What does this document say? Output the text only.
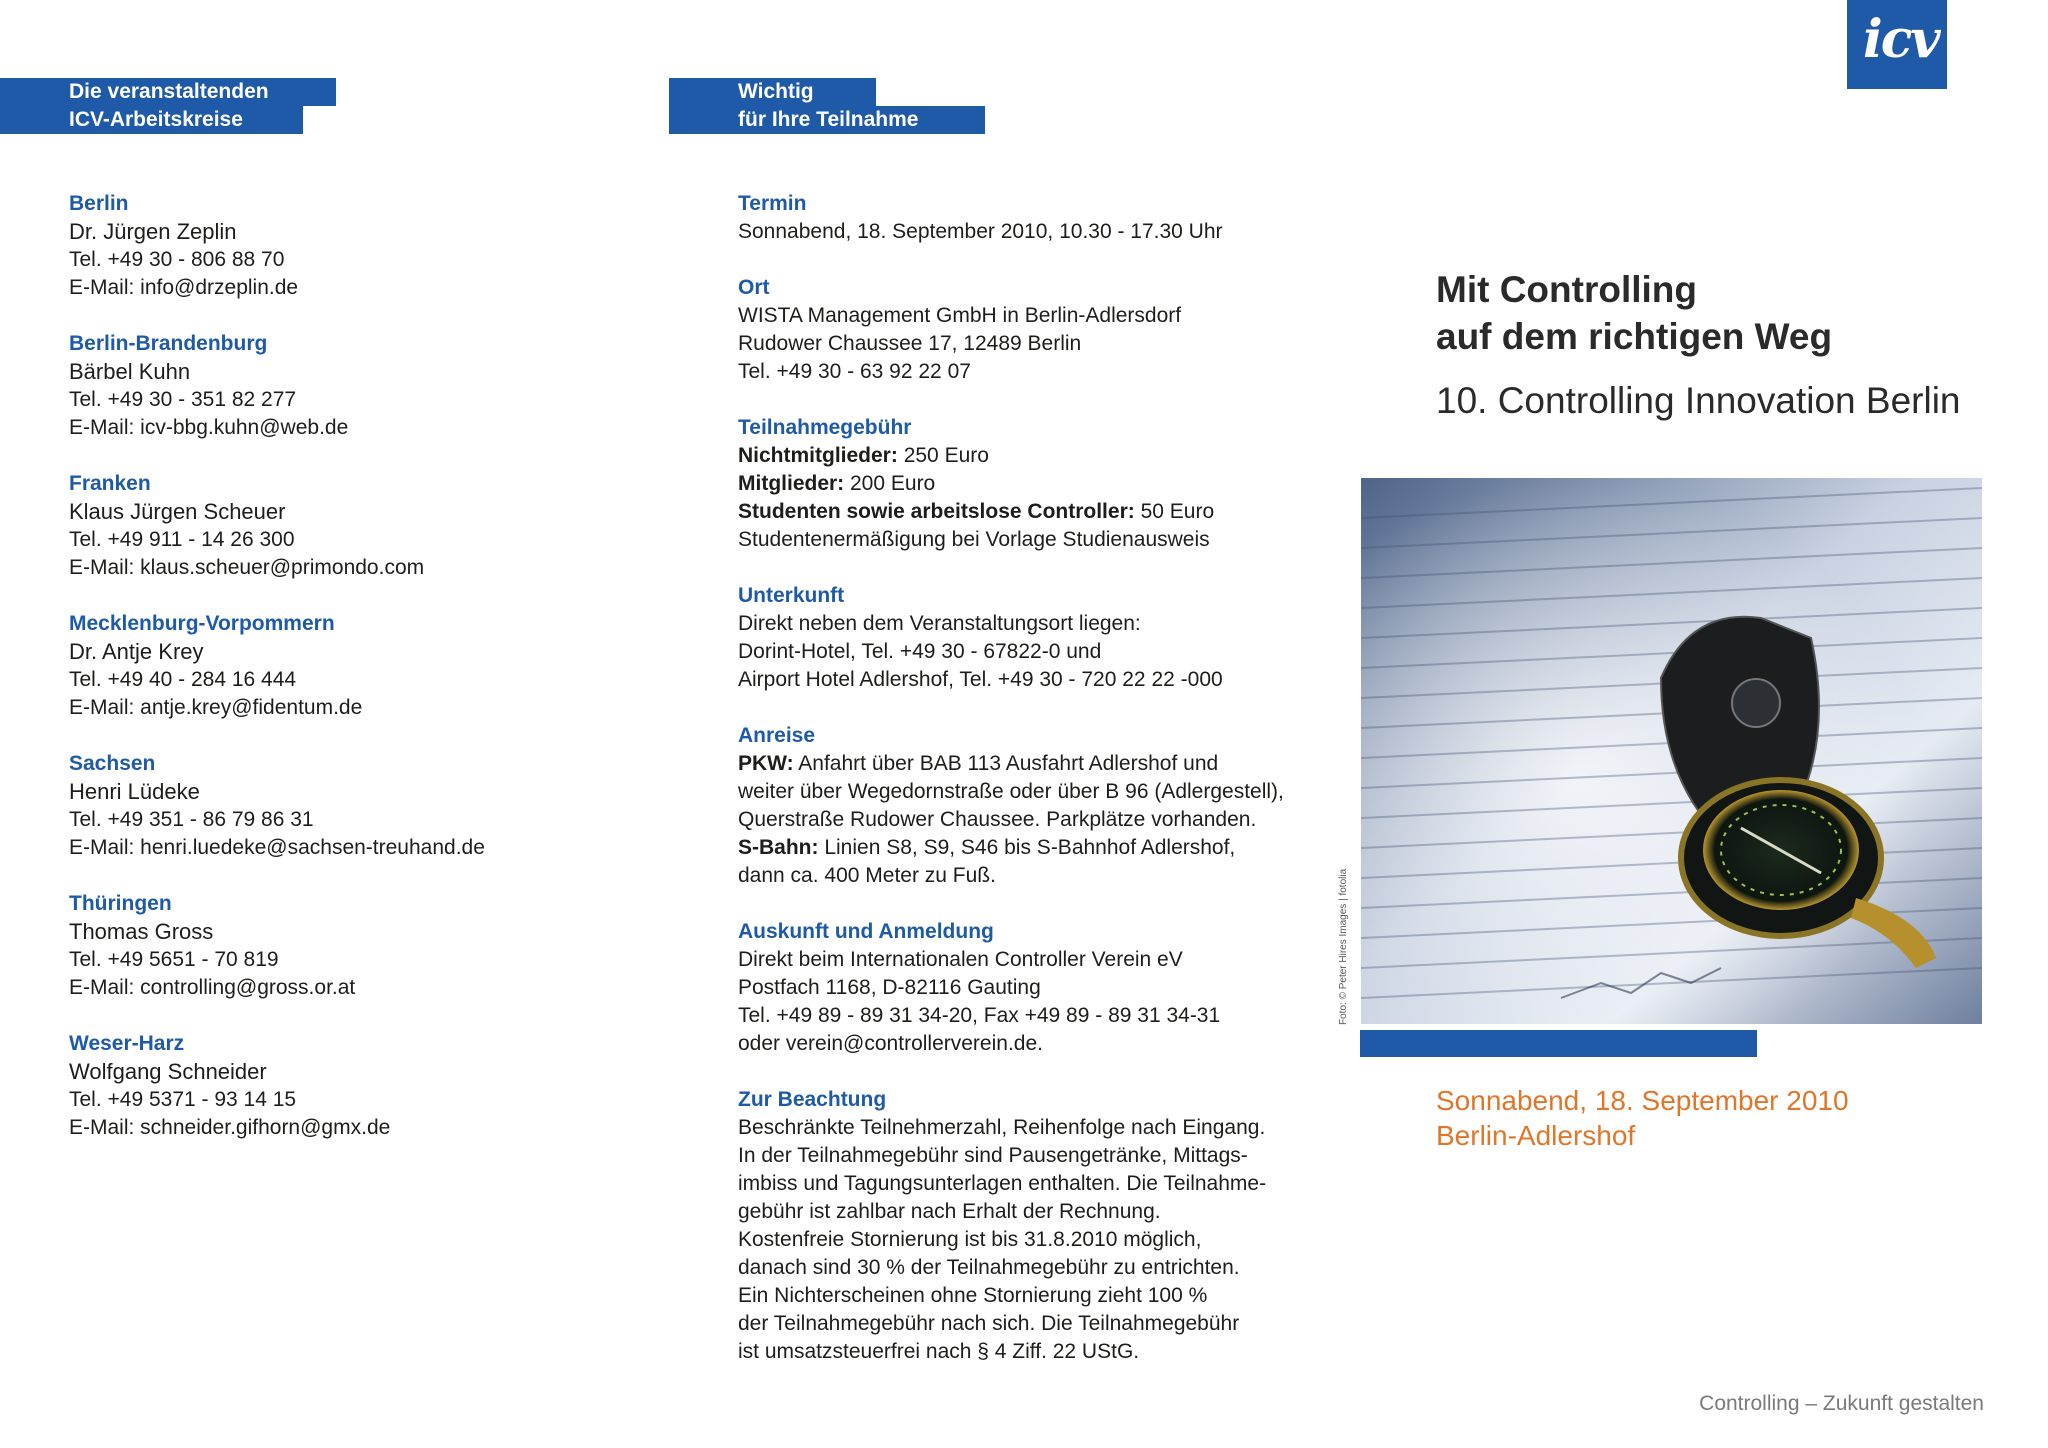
Die veranstaltenden
ICV-Arbeitskreise
Wichtig
für Ihre Teilnahme
Berlin
Dr. Jürgen Zeplin
Tel. +49 30 - 806 88 70
E-Mail: info@drzeplin.de
Berlin-Brandenburg
Bärbel Kuhn
Tel. +49 30 - 351 82 277
E-Mail: icv-bbg.kuhn@web.de
Franken
Klaus Jürgen Scheuer
Tel. +49 911 - 14 26 300
E-Mail: klaus.scheuer@primondo.com
Mecklenburg-Vorpommern
Dr. Antje Krey
Tel. +49 40 - 284 16 444
E-Mail: antje.krey@fidentum.de
Sachsen
Henri Lüdeke
Tel. +49 351 - 86 79 86 31
E-Mail: henri.luedeke@sachsen-treuhand.de
Thüringen
Thomas Gross
Tel. +49 5651 - 70 819
E-Mail: controlling@gross.or.at
Weser-Harz
Wolfgang Schneider
Tel. +49 5371 - 93 14 15
E-Mail: schneider.gifhorn@gmx.de
Termin
Sonnabend, 18. September 2010, 10.30 - 17.30 Uhr
Ort
WISTA Management GmbH in Berlin-Adlersdorf
Rudower Chaussee 17, 12489 Berlin
Tel. +49 30 - 63 92 22 07
Teilnahmegebühr
Nichtmitglieder: 250 Euro
Mitglieder: 200 Euro
Studenten sowie arbeitslose Controller: 50 Euro
Studentenermäßigung bei Vorlage Studienausweis
Unterkunft
Direkt neben dem Veranstaltungsort liegen:
Dorint-Hotel, Tel. +49 30 - 67822-0 und
Airport Hotel Adlershof, Tel. +49 30 - 720 22 22 -000
Anreise
PKW: Anfahrt über BAB 113 Ausfahrt Adlershof und
weiter über Wegedornstraße oder über B 96 (Adlergestell),
Querstraße Rudower Chaussee. Parkplätze vorhanden.
S-Bahn: Linien S8, S9, S46 bis S-Bahnhof Adlershof,
dann ca. 400 Meter zu Fuß.
Auskunft und Anmeldung
Direkt beim Internationalen Controller Verein eV
Postfach 1168, D-82116 Gauting
Tel. +49 89 - 89 31 34-20, Fax +49 89 - 89 31 34-31
oder verein@controllerverein.de.
Zur Beachtung
Beschränkte Teilnehmerzahl, Reihenfolge nach Eingang.
In der Teilnahmegebühr sind Pausengetränke, Mittags-
imbiss und Tagungsunterlagen enthalten. Die Teilnahme-
gebühr ist zahlbar nach Erhalt der Rechnung.
Kostenfreie Stornierung ist bis 31.8.2010 möglich,
danach sind 30 % der Teilnahmegebühr zu entrichten.
Ein Nichterscheinen ohne Stornierung zieht 100 %
der Teilnahmegebühr nach sich. Die Teilnahmegebühr
ist umsatzsteuerfrei nach § 4 Ziff. 22 UStG.
icv
Mit Controlling
auf dem richtigen Weg
10. Controlling Innovation Berlin
Foto: © Peter Hires Images | fotolia
Sonnabend, 18. September 2010
Berlin-Adlershof
Controlling – Zukunft gestalten
